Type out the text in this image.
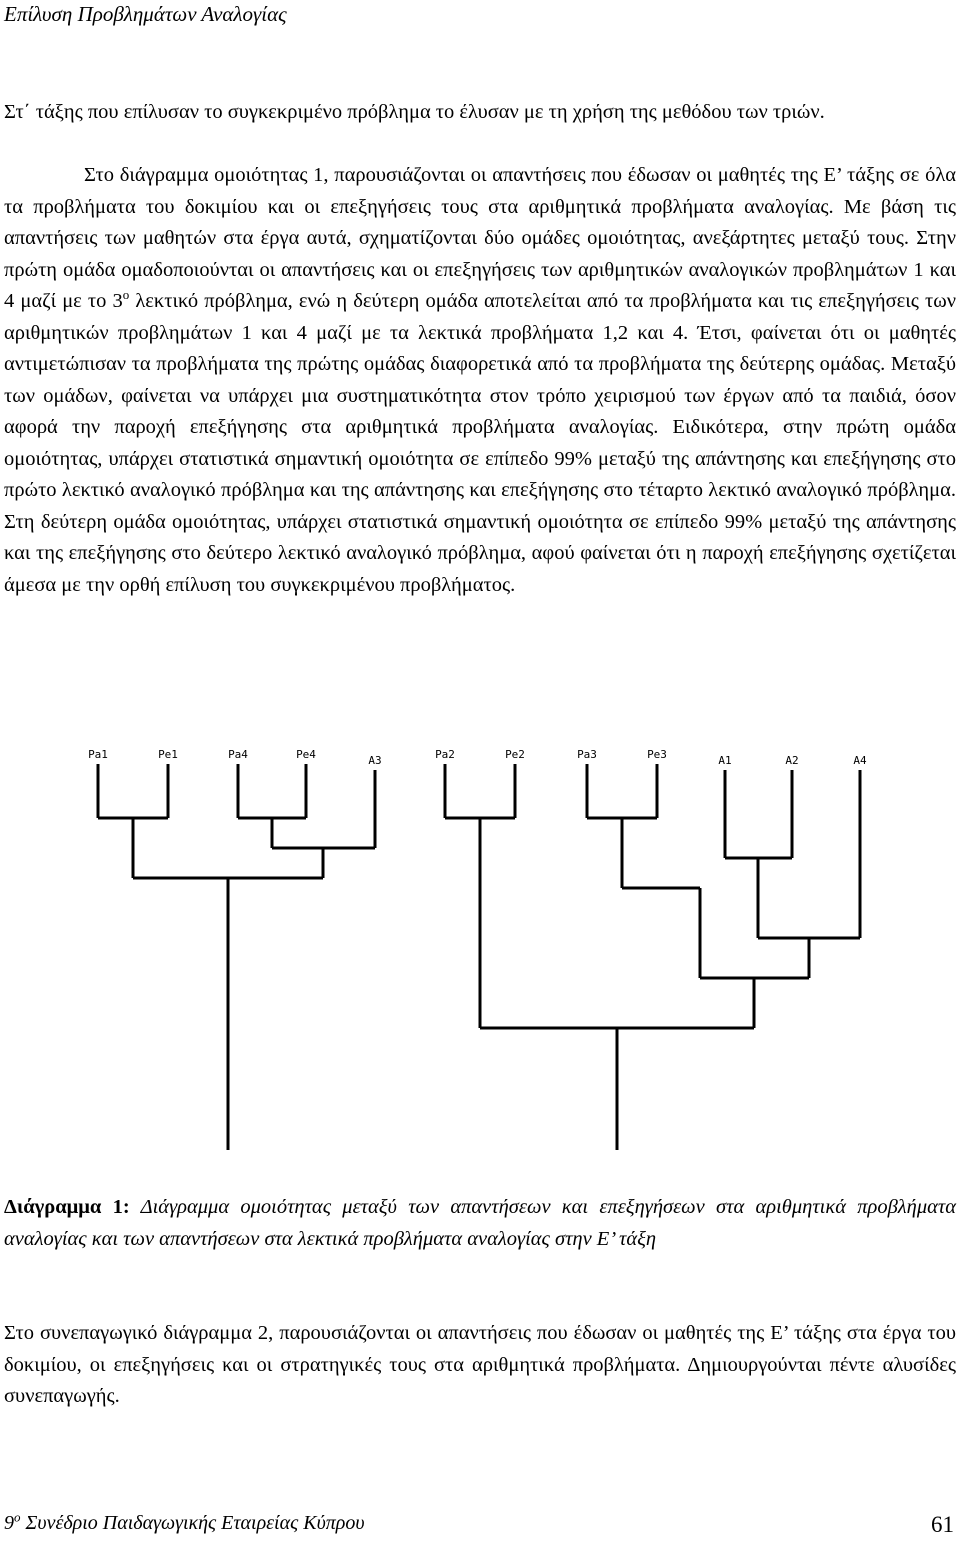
Επίλυση Προβλημάτων Αναλογίας

Στ΄ τάξης που επίλυσαν το συγκεκριμένο πρόβλημα το έλυσαν με τη χρήση της μεθόδου των τριών.

Στο διάγραμμα ομοιότητας 1, παρουσιάζονται οι απαντήσεις που έδωσαν οι μαθητές της Ε’ τάξης σε όλα τα προβλήματα του δοκιμίου και οι επεξηγήσεις τους στα αριθμητικά προβλήματα αναλογίας. Με βάση τις απαντήσεις των μαθητών στα έργα αυτά, σχηματίζονται δύο ομάδες ομοιότητας, ανεξάρτητες μεταξύ τους. Στην πρώτη ομάδα ομαδοποιούνται οι απαντήσεις και οι επεξηγήσεις των αριθμητικών αναλογικών προβλημάτων 1 και 4 μαζί με το $3^o$ λεκτικό πρόβλημα, ενώ η δεύτερη ομάδα αποτελείται από τα προβλήματα και τις επεξηγήσεις των αριθμητικών προβλημάτων 1 και 4 μαζί με τα λεκτικά προβλήματα 1,2 και 4. Έτσι, φαίνεται ότι οι μαθητές αντιμετώπισαν τα προβλήματα της πρώτης ομάδας διαφορετικά από τα προβλήματα της δεύτερης ομάδας. Μεταξύ των ομάδων, φαίνεται να υπάρχει μια συστηματικότητα στον τρόπο χειρισμού των έργων από τα παιδιά, όσον αφορά την παροχή επεξήγησης στα αριθμητικά προβλήματα αναλογίας. Ειδικότερα, στην πρώτη ομάδα ομοιότητας, υπάρχει στατιστικά σημαντική ομοιότητα σε επίπεδο 99% μεταξύ της απάντησης και επεξήγησης στο πρώτο λεκτικό αναλογικό πρόβλημα και της απάντησης και επεξήγησης στο τέταρτο λεκτικό αναλογικό πρόβλημα. Στη δεύτερη ομάδα ομοιότητας, υπάρχει στατιστικά σημαντική ομοιότητα σε επίπεδο 99% μεταξύ της απάντησης και της επεξήγησης στο δεύτερο λεκτικό αναλογικό πρόβλημα, αφού φαίνεται ότι η παροχή επεξήγησης σχετίζεται άμεσα με την ορθή επίλυση του συγκεκριμένου προβλήματος.

Pa1	Pe1	Pa4	Pe4	A3	Pa2	Pe2	Pa3	Pe3	A1	A2	A4
Διάγραμμα 1: Διάγραμμα ομοιότητας μεταξύ των απαντήσεων και επεξηγήσεων στα αριθμητικά προβλήματα αναλογίας και των απαντήσεων στα λεκτικά προβλήματα αναλογίας στην Ε’ τάξη

Στο συνεπαγωγικό διάγραμμα 2, παρουσιάζονται οι απαντήσεις που έδωσαν οι μαθητές της Ε’ τάξης στα έργα του δοκιμίου, οι επεξηγήσεις και οι στρατηγικές τους στα αριθμητικά προβλήματα. Δημιουργούνται πέντε αλυσίδες συνεπαγωγής.

$9^o$ Συνέδριο Παιδαγωγικής Εταιρείας Κύπρου	61
